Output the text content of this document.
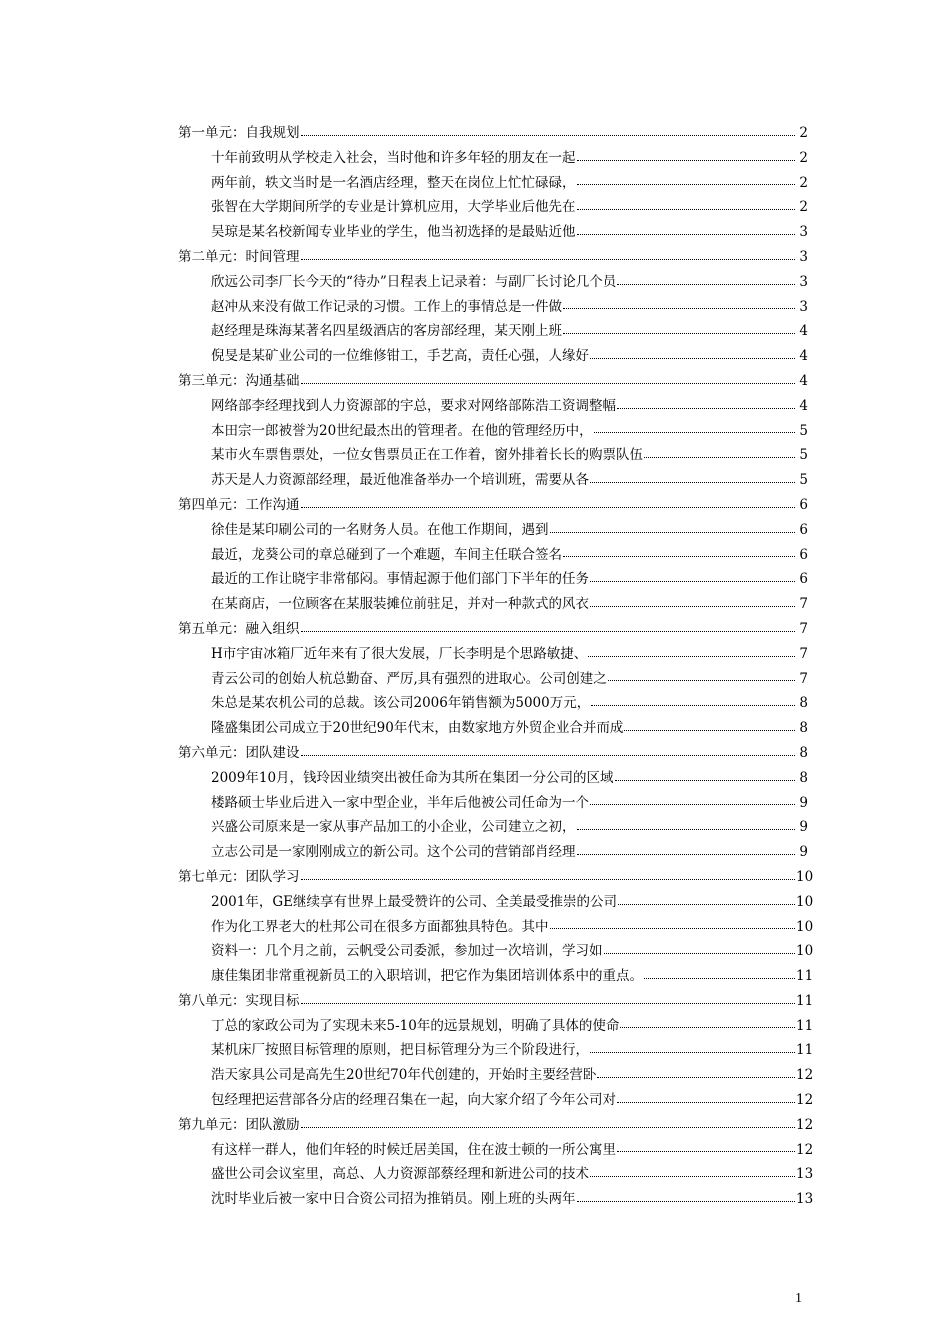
第一单元：自我规划	2
十年前致明从学校走入社会，当时他和许多年轻的朋友在一起	2
两年前，轶文当时是一名酒店经理，整天在岗位上忙忙碌碌，	2
张智在大学期间所学的专业是计算机应用，大学毕业后他先在	2
吴琼是某名校新闻专业毕业的学生，他当初选择的是最贴近他	3
第二单元：时间管理	3
欣远公司李厂长今天的“待办”日程表上记录着：与副厂长讨论几个员	3
赵冲从来没有做工作记录的习惯。工作上的事情总是一件做	3
赵经理是珠海某著名四星级酒店的客房部经理，某天刚上班	4
倪旻是某矿业公司的一位维修钳工，手艺高，责任心强，人缘好	4
第三单元：沟通基础	4
网络部李经理找到人力资源部的宇总，要求对网络部陈浩工资调整幅	4
本田宗一郎被誉为20世纪最杰出的管理者。在他的管理经历中，	5
某市火车票售票处，一位女售票员正在工作着，窗外排着长长的购票队伍	5
苏天是人力资源部经理，最近他准备举办一个培训班，需要从各	5
第四单元：工作沟通	6
徐佳是某印刷公司的一名财务人员。在他工作期间，遇到	6
最近，龙葵公司的章总碰到了一个难题，车间主任联合签名	6
最近的工作让晓宇非常郁闷。事情起源于他们部门下半年的任务	6
在某商店，一位顾客在某服装摊位前驻足，并对一种款式的风衣	7
第五单元：融入组织	7
H市宇宙冰箱厂近年来有了很大发展，厂长李明是个思路敏捷、	7
青云公司的创始人杭总勤奋、严厉,具有强烈的进取心。公司创建之	7
朱总是某农机公司的总裁。该公司2006年销售额为5000万元，	8
隆盛集团公司成立于20世纪90年代末，由数家地方外贸企业合并而成	8
第六单元：团队建设	8
2009年10月，钱玲因业绩突出被任命为其所在集团一分公司的区域	8
楼路硕士毕业后进入一家中型企业，半年后他被公司任命为一个	9
兴盛公司原来是一家从事产品加工的小企业，公司建立之初，	9
立志公司是一家刚刚成立的新公司。这个公司的营销部肖经理	9
第七单元：团队学习	10
2001年，GE继续享有世界上最受赞许的公司、全美最受推崇的公司	10
作为化工界老大的杜邦公司在很多方面都独具特色。其中	10
资料一：几个月之前，云帆受公司委派，参加过一次培训，学习如	10
康佳集团非常重视新员工的入职培训，把它作为集团培训体系中的重点。	11
第八单元：实现目标	11
丁总的家政公司为了实现未来5-10年的远景规划，明确了具体的使命	11
某机床厂按照目标管理的原则，把目标管理分为三个阶段进行，	11
浩天家具公司是高先生20世纪70年代创建的，开始时主要经营卧	12
包经理把运营部各分店的经理召集在一起，向大家介绍了今年公司对	12
第九单元：团队激励	12
有这样一群人，他们年轻的时候迁居美国，住在波士顿的一所公寓里	12
盛世公司会议室里，高总、人力资源部蔡经理和新进公司的技术	13
沈时毕业后被一家中日合资公司招为推销员。刚上班的头两年	13
1
